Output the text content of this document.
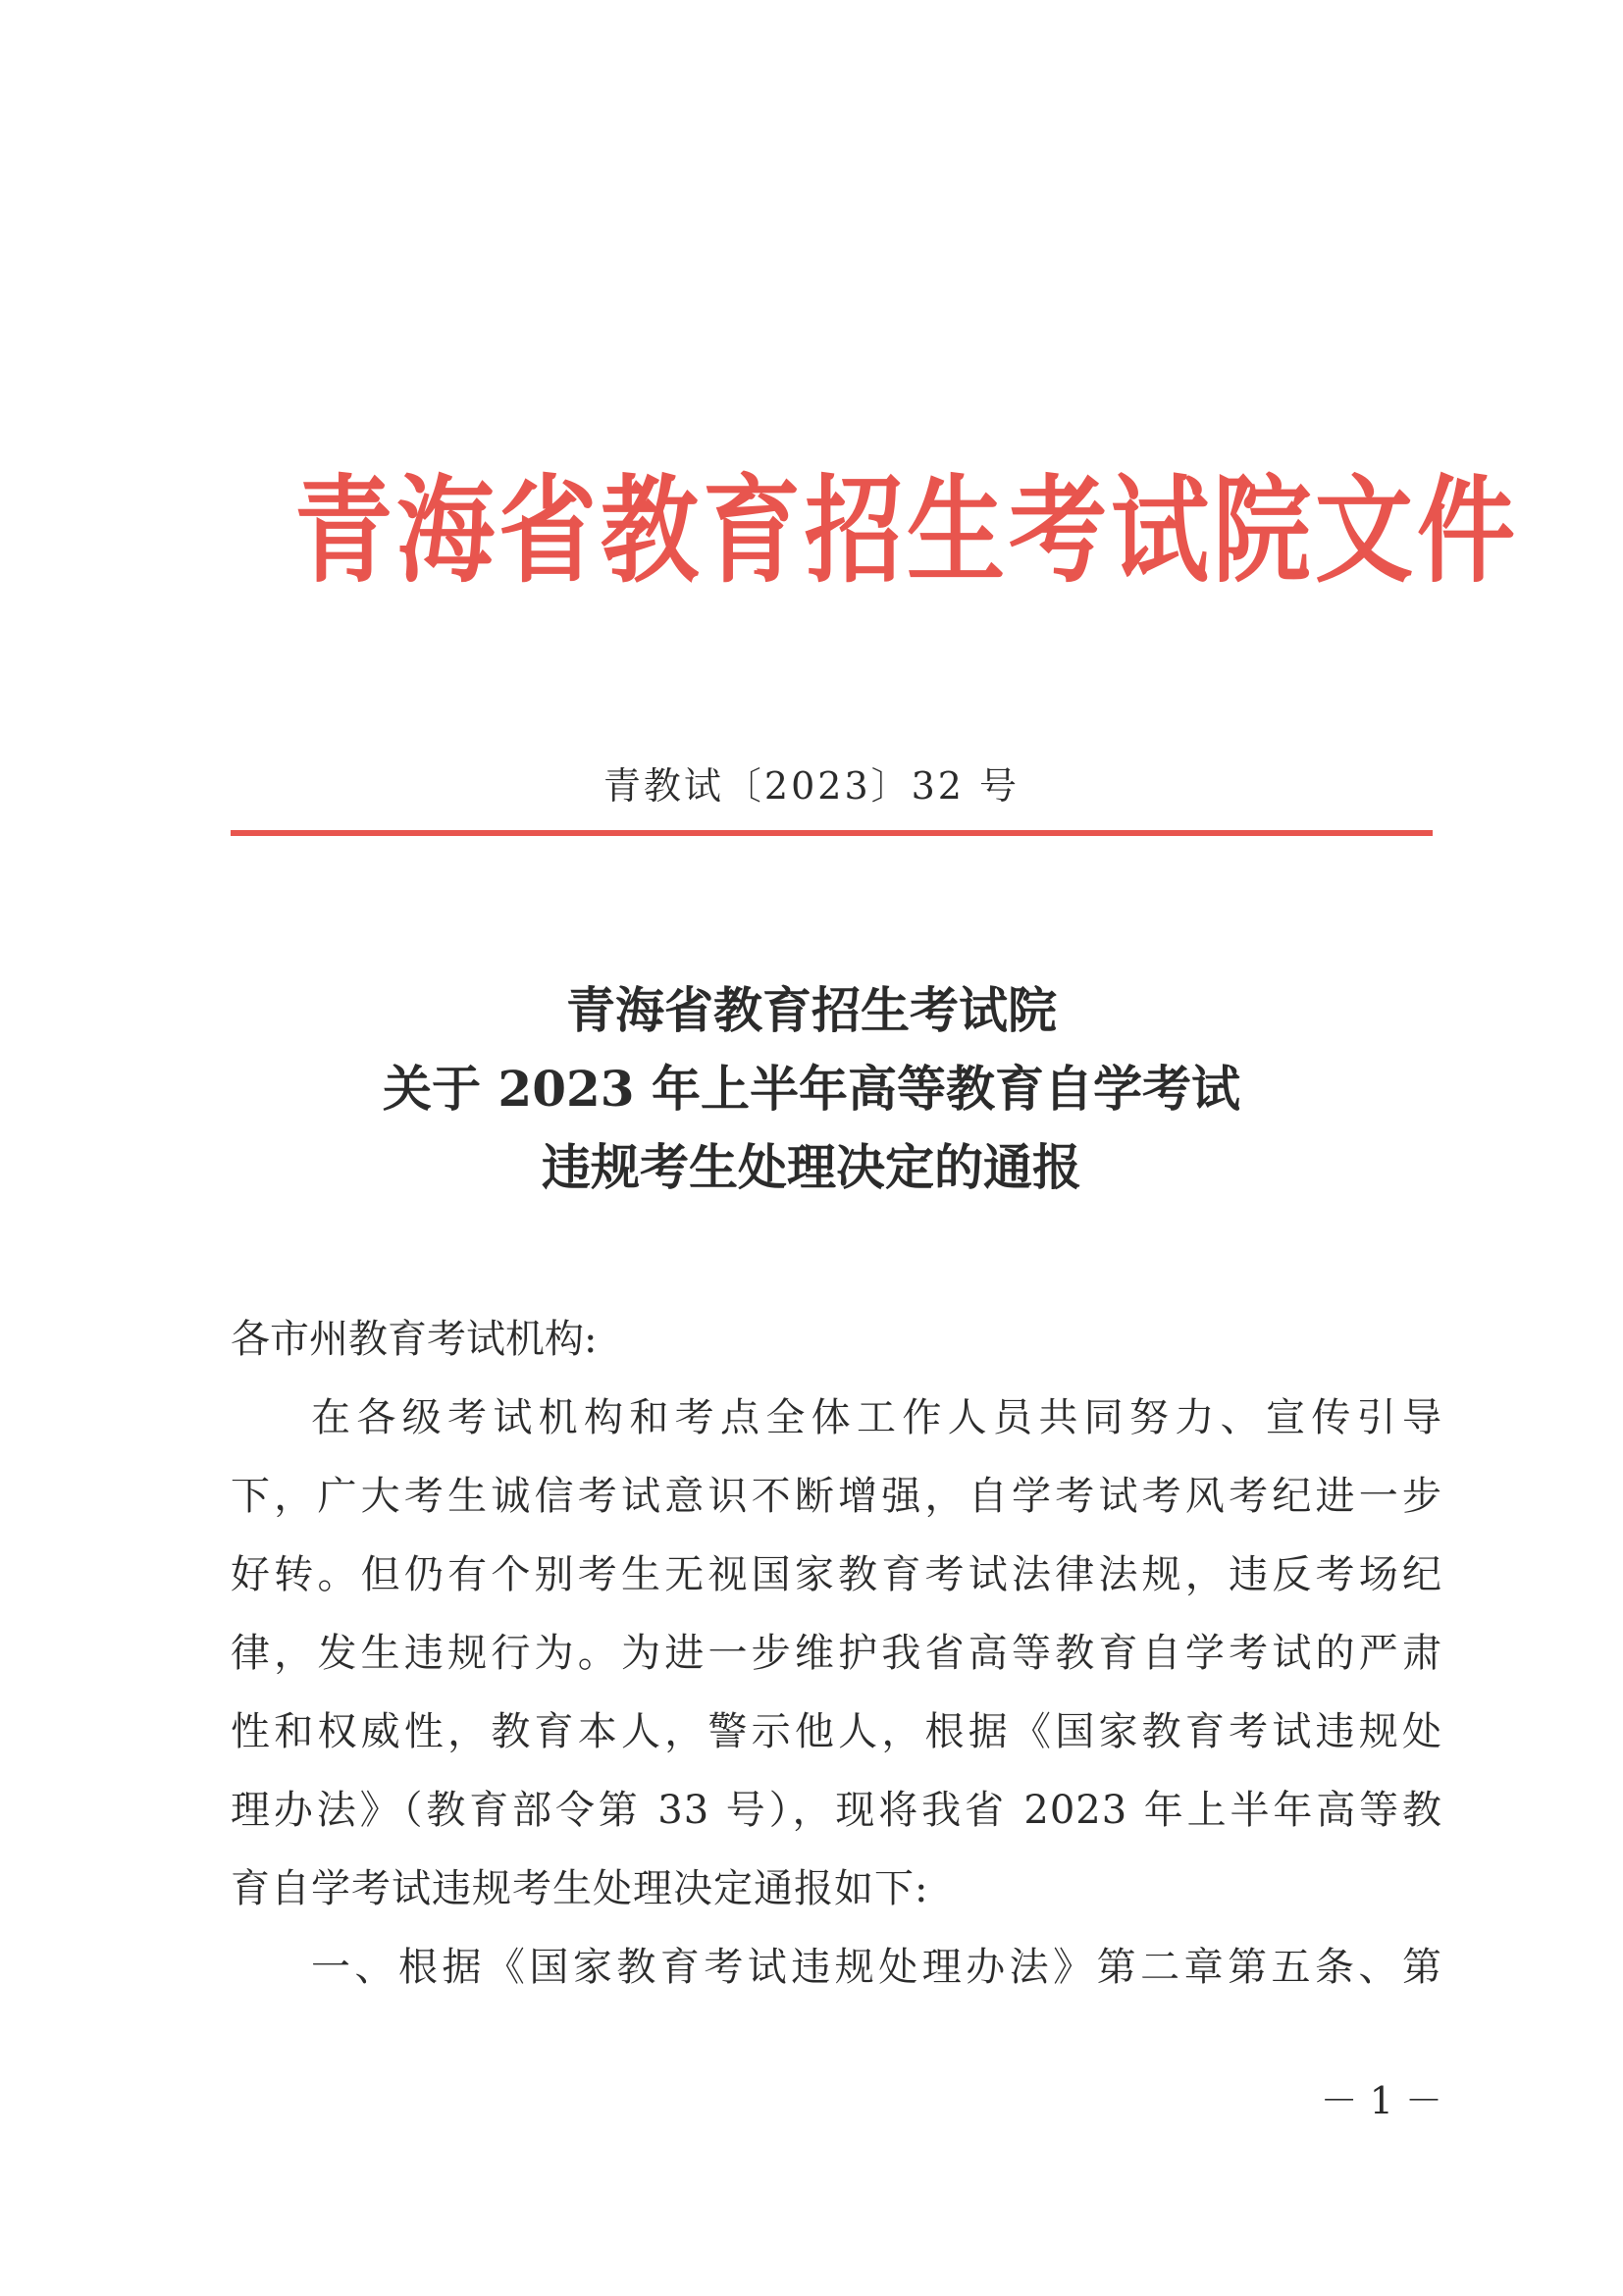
青海省教育招生考试院文件
青教试〔2023〕32 号
青海省教育招生考试院
关于 2023 年上半年高等教育自学考试
违规考生处理决定的通报
各市州教育考试机构:
在各级考试机构和考点全体工作人员共同努力、宣传引导
下，广大考生诚信考试意识不断增强，自学考试考风考纪进一步
好转。但仍有个别考生无视国家教育考试法律法规，违反考场纪
律，发生违规行为。为进一步维护我省高等教育自学考试的严肃
性和权威性，教育本人，警示他人，根据《国家教育考试违规处
理办法》（教育部令第 33 号），现将我省 2023 年上半年高等教
育自学考试违规考生处理决定通报如下:
一、根据《国家教育考试违规处理办法》第二章第五条、第
－ 1 －
